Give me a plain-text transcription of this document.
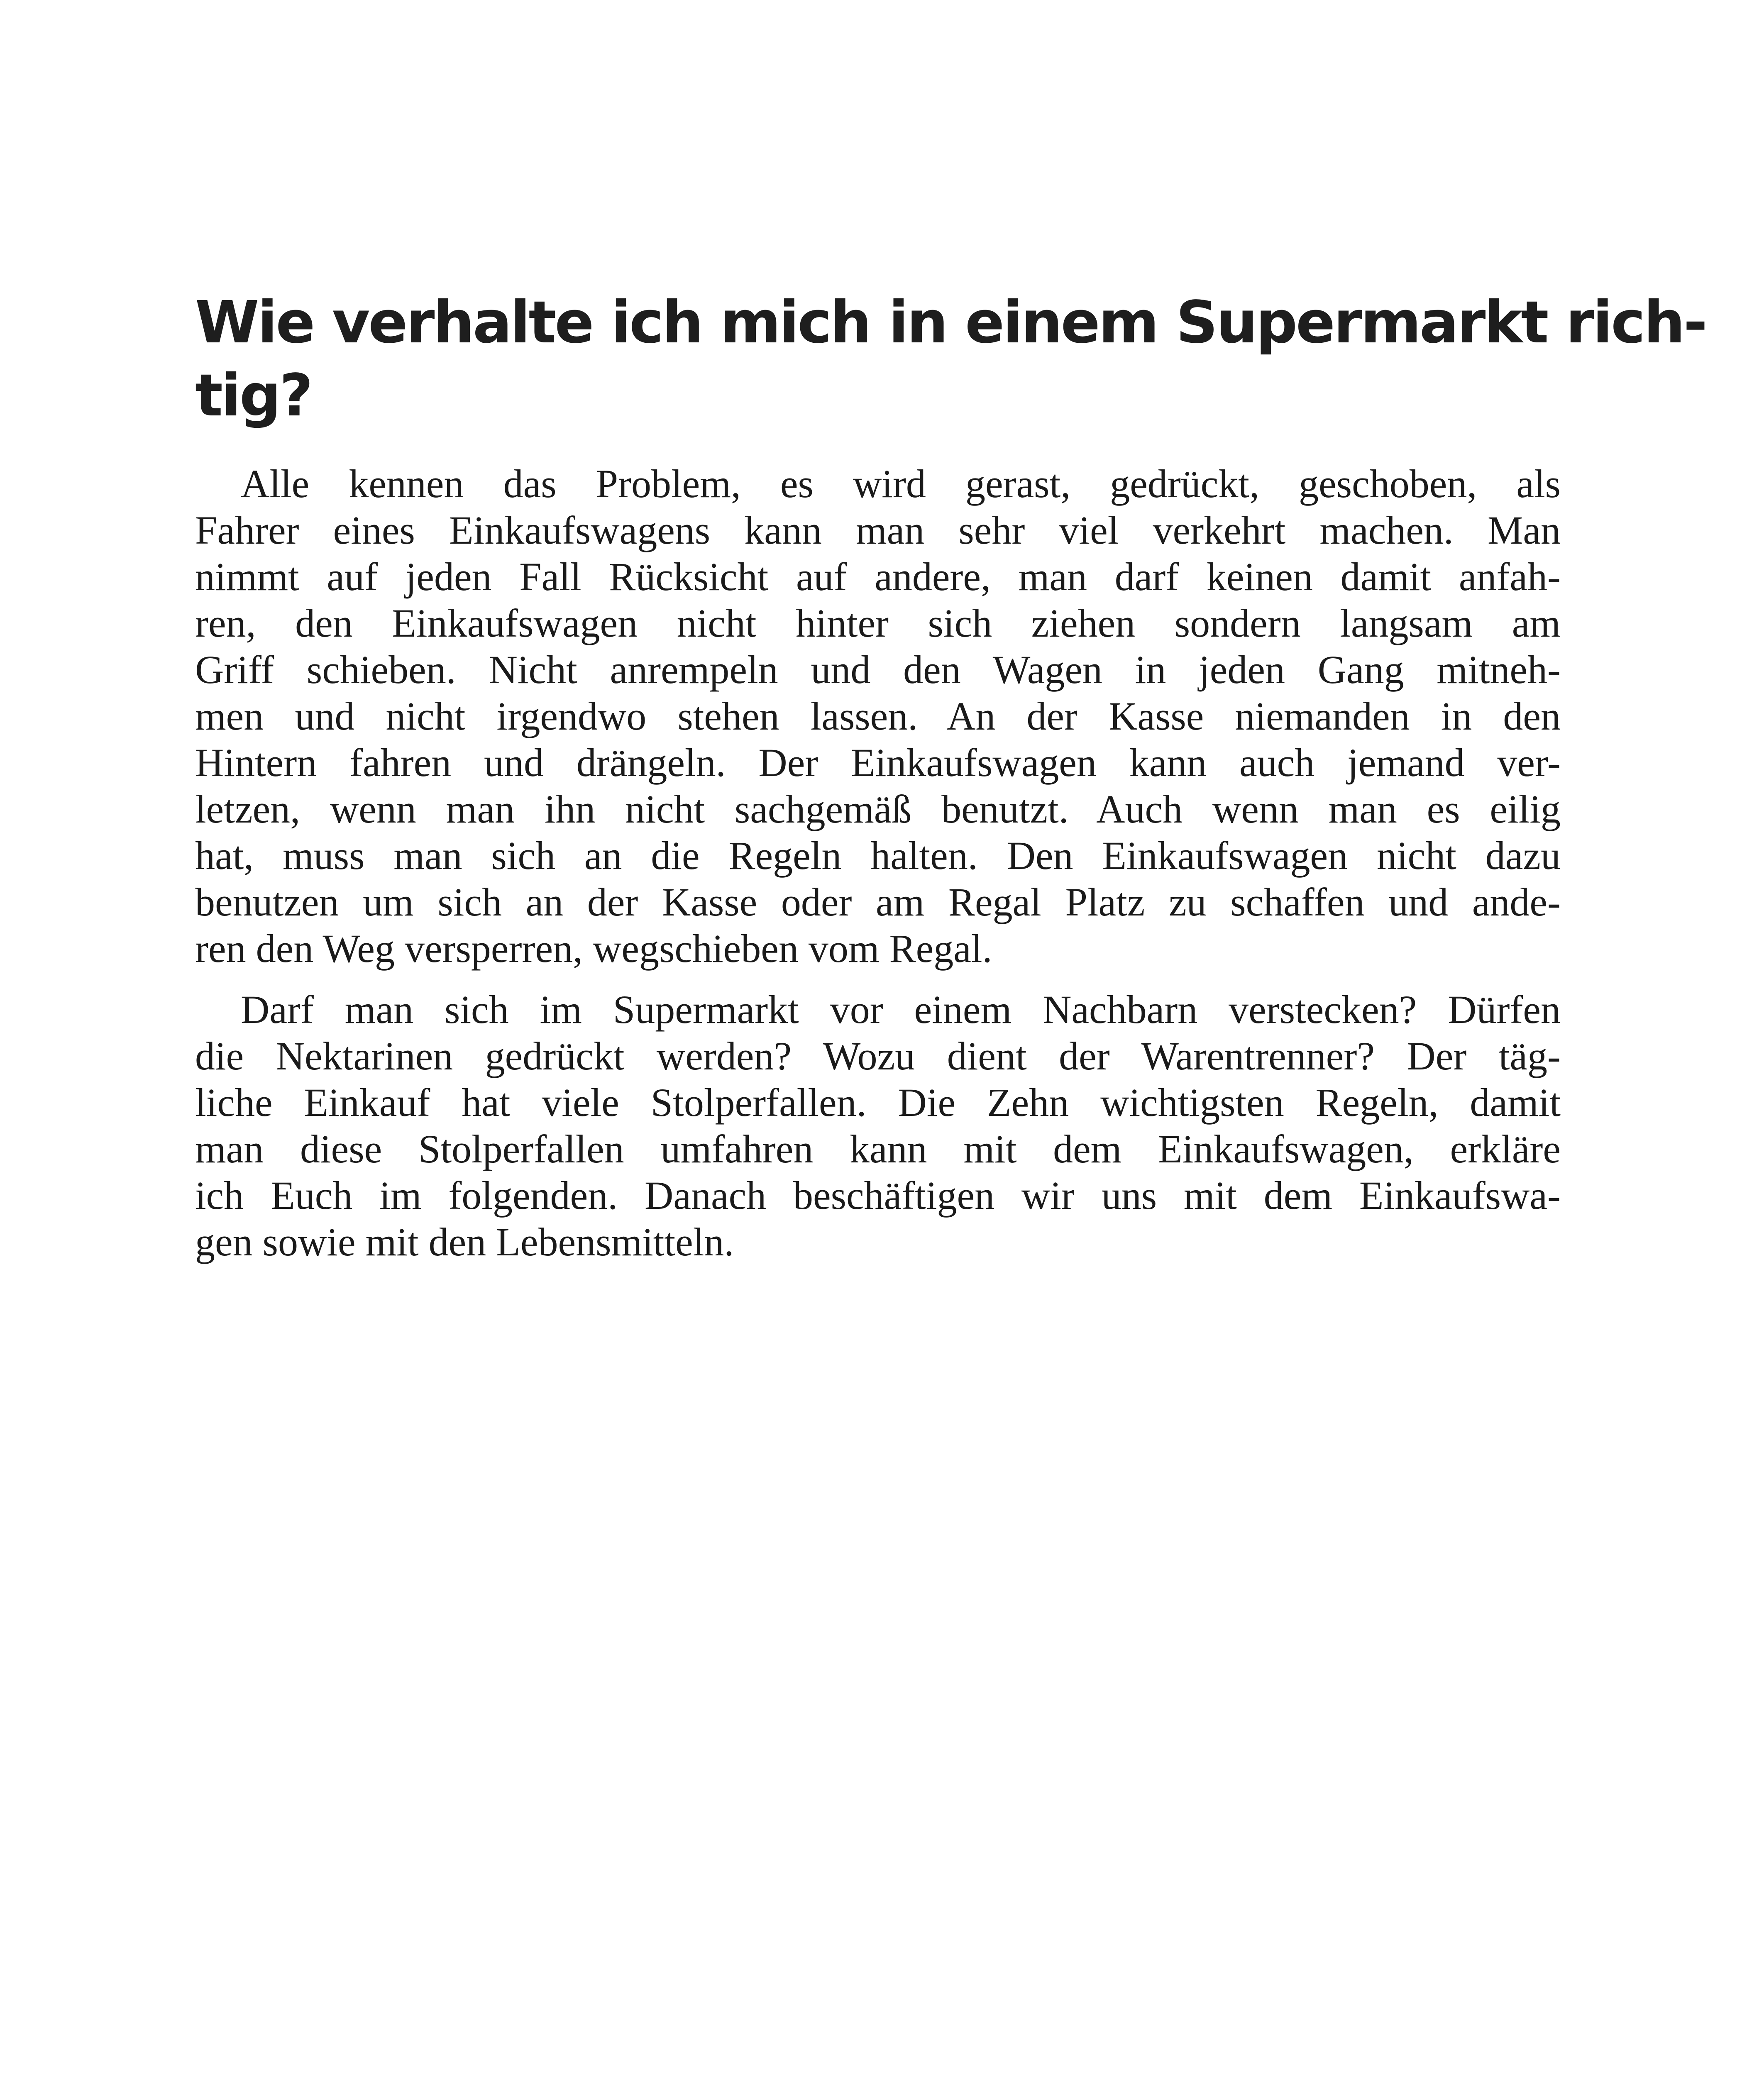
Wie verhalte ich mich in einem Supermarkt rich-
tig?

Alle kennen das Problem, es wird gerast, gedrückt, geschoben, als
Fahrer eines Einkaufswagens kann man sehr viel verkehrt machen. Man
nimmt auf jeden Fall Rücksicht auf andere, man darf keinen damit anfah-
ren, den Einkaufswagen nicht hinter sich ziehen sondern langsam am
Griff schieben. Nicht anrempeln und den Wagen in jeden Gang mitneh-
men und nicht irgendwo stehen lassen. An der Kasse niemanden in den
Hintern fahren und drängeln. Der Einkaufswagen kann auch jemand ver-
letzen, wenn man ihn nicht sachgemäß benutzt. Auch wenn man es eilig
hat, muss man sich an die Regeln halten. Den Einkaufswagen nicht dazu
benutzen um sich an der Kasse oder am Regal Platz zu schaffen und ande-
ren den Weg versperren, wegschieben vom Regal.

Darf man sich im Supermarkt vor einem Nachbarn verstecken? Dürfen
die Nektarinen gedrückt werden? Wozu dient der Warentrenner? Der täg-
liche Einkauf hat viele Stolperfallen. Die Zehn wichtigsten Regeln, damit
man diese Stolperfallen umfahren kann mit dem Einkaufswagen, erkläre
ich Euch im folgenden. Danach beschäftigen wir uns mit dem Einkaufswa-
gen sowie mit den Lebensmitteln.
